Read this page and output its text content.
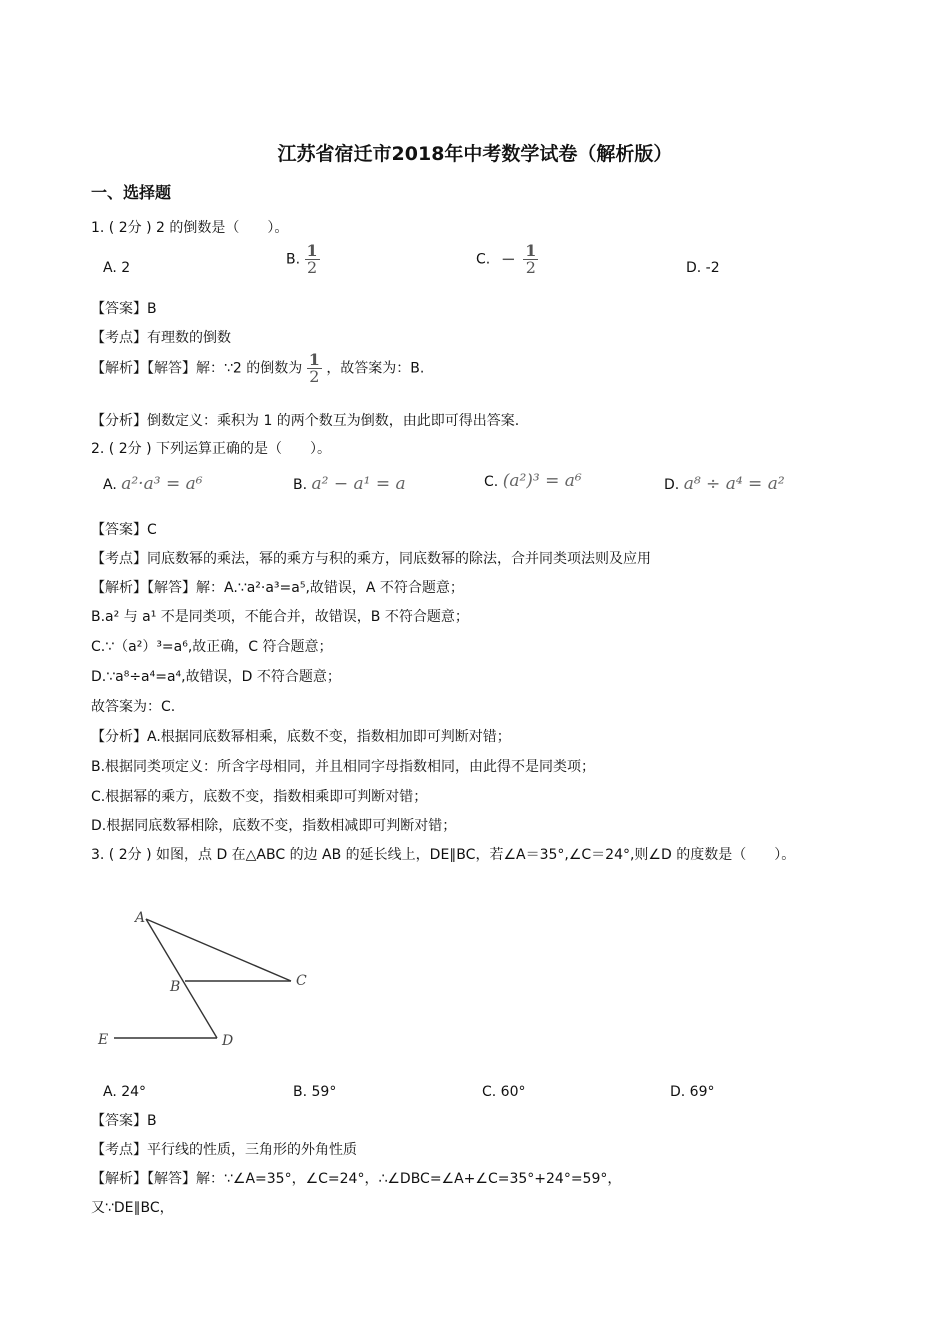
江苏省宿迁市2018年中考数学试卷（解析版）
一、选择题
1. ( 2分 ) 2 的倒数是（　　）。
A. 2
B. $\frac{1}{2}$	C. − $\frac{1}{2}$	D. -2
【答案】B
【考点】有理数的倒数
【解析】【解答】解：∵2 的倒数为 $\frac{1}{2}$ ，故答案为：B.
【分析】倒数定义：乘积为 1 的两个数互为倒数，由此即可得出答案.
2. ( 2分 ) 下列运算正确的是（　　）。
A. a²·a³ = a⁶	B. a² − a¹ = a	C. (a²)³ = a⁶	D. a⁸ ÷ a⁴ = a²
【答案】C
【考点】同底数幂的乘法，幂的乘方与积的乘方，同底数幂的除法，合并同类项法则及应用
【解析】【解答】解：A.∵a²·a³=a⁵,故错误，A 不符合题意；
B.a² 与 a¹ 不是同类项，不能合并，故错误，B 不符合题意；
C.∵（a²）³=a⁶,故正确，C 符合题意；
D.∵a⁸÷a⁴=a⁴,故错误，D 不符合题意；
故答案为：C.
【分析】A.根据同底数幂相乘，底数不变，指数相加即可判断对错；
B.根据同类项定义：所含字母相同，并且相同字母指数相同，由此得不是同类项；
C.根据幂的乘方，底数不变，指数相乘即可判断对错；
D.根据同底数幂相除，底数不变，指数相减即可判断对错；
3. ( 2分 ) 如图，点 D 在△ABC 的边 AB 的延长线上，DE∥BC，若∠A＝35°,∠C＝24°,则∠D 的度数是（　　）。
A
B	C
D
E
A. 24°	B. 59°	C. 60°	D. 69°
【答案】B
【考点】平行线的性质，三角形的外角性质
【解析】【解答】解：∵∠A=35°，∠C=24°，∴∠DBC=∠A+∠C=35°+24°=59°，
又∵DE∥BC，
